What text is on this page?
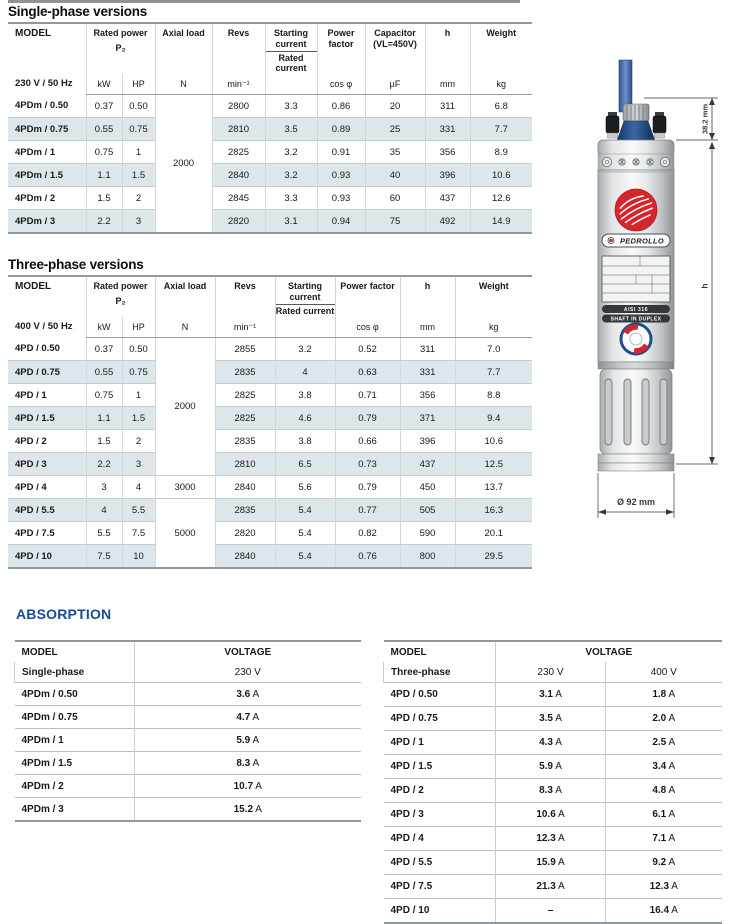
Single-phase versions
MODEL
230 V / 50 Hz

Rated power
P₂
	Axial load	Revs	Starting current
Rated current
	Power factor	
Capacitor
(VL=450V)
	h	Weight
	kW	HP	N	min⁻¹		cos φ	μF	mm	kg
4PDm / 0.50	0.37	0.50	2000	2800	3.3	0.86	20	311	6.8
4PDm / 0.75	0.55	0.75		2810	3.5	0.89	25	331	7.7
4PDm / 1	0.75	1		2825	3.2	0.91	35	356	8.9
4PDm / 1.5	1.1	1.5		2840	3.2	0.93	40	396	10.6
4PDm / 2	1.5	2		2845	3.3	0.93	60	437	12.6
4PDm / 3	2.2	3		2820	3.1	0.94	75	492	14.9
Three-phase versions
MODEL
400 V / 50 Hz

Rated power
P₂
	Axial load	Revs	Starting current
Rated current
	Power factor	h	Weight
	kW	HP	N	min⁻¹		cos φ	mm	kg
4PD / 0.50	0.37	0.50	2000	2855	3.2	0.52	311	7.0
4PD / 0.75	0.55	0.75		2835	4	0.63	331	7.7
4PD / 1	0.75	1		2825	3.8	0.71	356	8.8
4PD / 1.5	1.1	1.5		2825	4.6	0.79	371	9.4
4PD / 2	1.5	2		2835	3.8	0.66	396	10.6
4PD / 3	2.2	3		2810	6.5	0.73	437	12.5
4PD / 4	3	4	3000	2840	5.6	0.79	450	13.7
4PD / 5.5	4	5.5	5000	2835	5.4	0.77	505	16.3
4PD / 7.5	5.5	7.5		2820	5.4	0.82	590	20.1
4PD / 10	7.5	10		2840	5.4	0.76	800	29.5
ABSORPTION
MODEL	VOLTAGE
Single-phase	230 V
4PDm / 0.50	3.6 A
4PDm / 0.75	4.7 A
4PDm / 1	5.9 A
4PDm / 1.5	8.3 A
4PDm / 2	10.7 A
4PDm / 3	15.2 A
MODEL	VOLTAGE	
Three-phase	230 V	400 V
4PD / 0.50	3.1 A	1.8 A
4PD / 0.75	3.5 A	2.0 A
4PD / 1	4.3 A	2.5 A
4PD / 1.5	5.9 A	3.4 A
4PD / 2	8.3 A	4.8 A
4PD / 3	10.6 A	6.1 A
4PD / 4	12.3 A	7.1 A
4PD / 5.5	15.9 A	9.2 A
4PD / 7.5	21.3 A	12.3 A
4PD / 10	–	16.4 A
PEDROLLO
AISI 316
SHAFT IN DUPLEX
38.2 mm
h
Ø 92 mm
